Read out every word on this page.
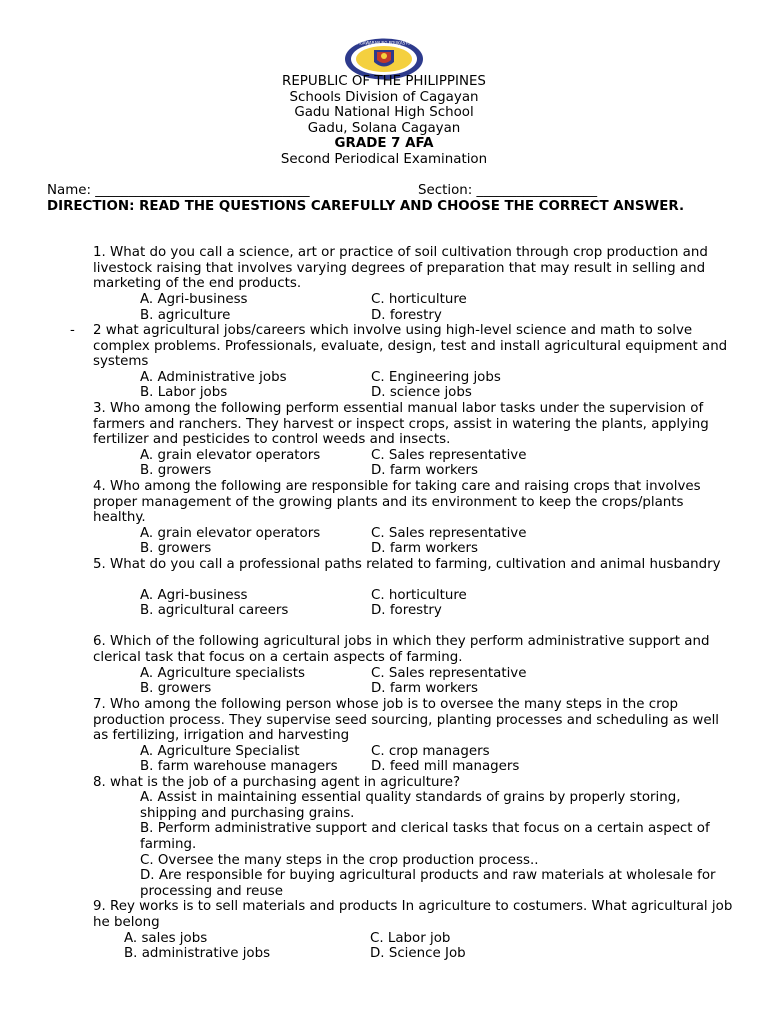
KAGAWARAN NG EDUKASYON
REPUBLIC OF THE PHILIPPINES
Schools Division of Cagayan
Gadu National High School
Gadu, Solana Cagayan
GRADE 7 AFA
Second Periodical Examination
Name: ________________________________	Section: __________________
DIRECTION: READ THE QUESTIONS CAREFULLY AND CHOOSE THE CORRECT ANSWER.
1. What do you call a science, art or practice of soil cultivation through crop production and livestock raising that involves varying degrees of preparation that may result in selling and marketing of the end products.
A. Agri-business	C. horticulture
B. agriculture	D. forestry
- 2 what agricultural jobs/careers which involve using high-level science and math to solve complex problems. Professionals, evaluate, design, test and install agricultural equipment and systems
A. Administrative jobs	C. Engineering jobs
B. Labor jobs	D. science jobs
3. Who among the following perform essential manual labor tasks under the supervision of farmers and ranchers. They harvest or inspect crops, assist in watering the plants, applying fertilizer and pesticides to control weeds and insects.
A. grain elevator operators	C. Sales representative
B. growers	D. farm workers
4. Who among the following are responsible for taking care and raising crops that involves proper management of the growing plants and its environment to keep the crops/plants healthy.
A. grain elevator operators	C. Sales representative
B. growers	D. farm workers
5. What do you call a professional paths related to farming, cultivation and animal husbandry
A. Agri-business	C. horticulture
B. agricultural careers	D. forestry
6. Which of the following agricultural jobs in which they perform administrative support and clerical task that focus on a certain aspects of farming.
A. Agriculture specialists	C. Sales representative
B. growers	D. farm workers
7. Who among the following person whose job is to oversee the many steps in the crop production process. They supervise seed sourcing, planting processes and scheduling as well as fertilizing, irrigation and harvesting
A. Agriculture Specialist	C. crop managers
B. farm warehouse managers D. feed mill managers
8. what is the job of a purchasing agent in agriculture?
A. Assist in maintaining essential quality standards of grains by properly storing, shipping and purchasing grains.
B. Perform administrative support and clerical tasks that focus on a certain aspect of farming.
C. Oversee the many steps in the crop production process..
D. Are responsible for buying agricultural products and raw materials at wholesale for processing and reuse
9. Rey works is to sell materials and products In agriculture to costumers. What agricultural job he belong
A. sales jobs	C. Labor job
B. administrative jobs	D. Science Job
